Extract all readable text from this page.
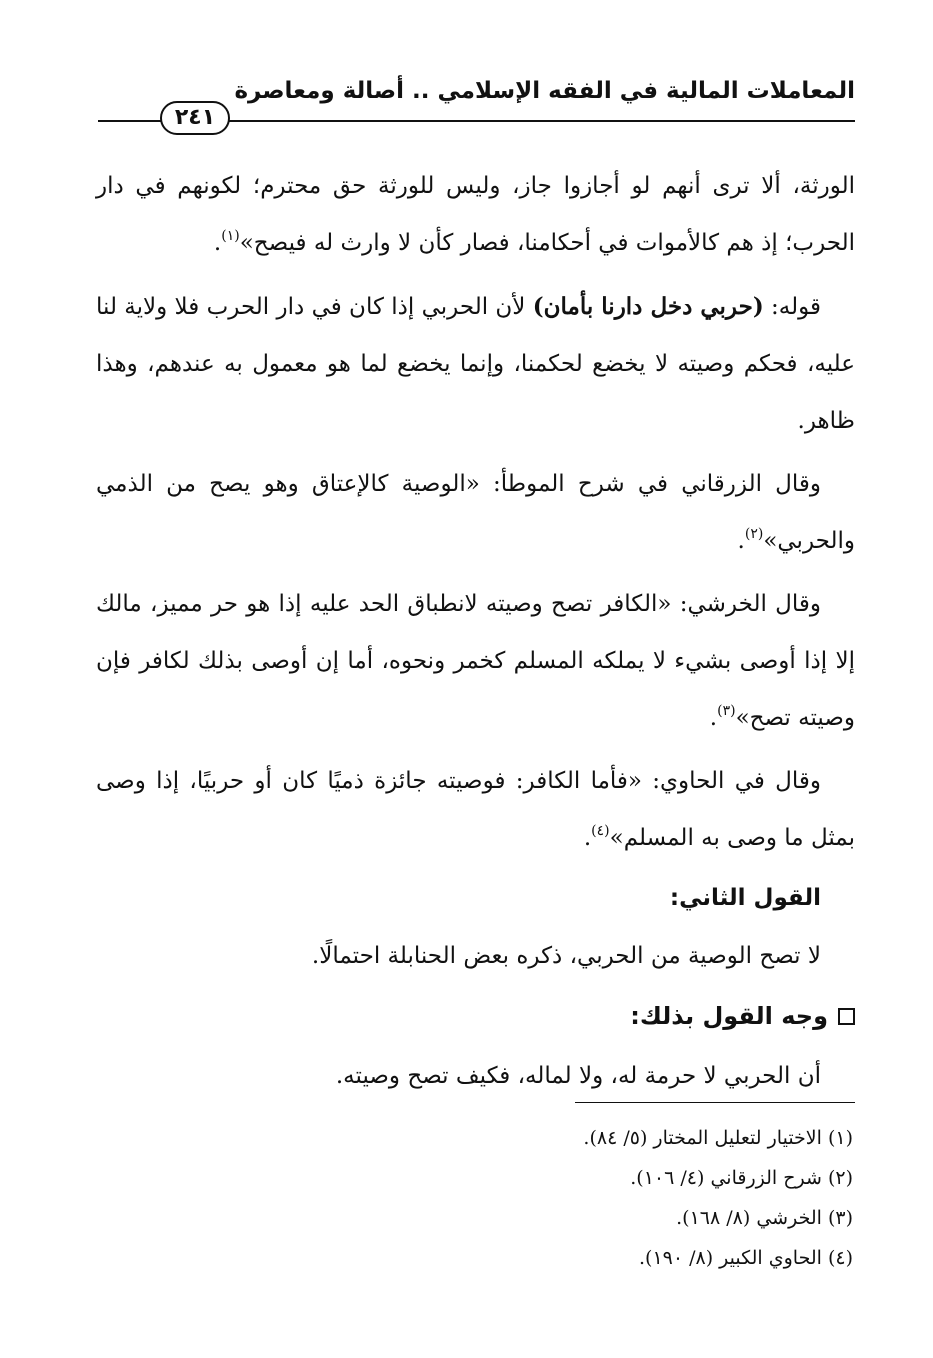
المعاملات المالية في الفقه الإسلامي .. أصالة ومعاصرة
٢٤١

الورثة، ألا ترى أنهم لو أجازوا جاز، وليس للورثة حق محترم؛ لكونهم في دار الحرب؛ إذ هم كالأموات في أحكامنا، فصار كأن لا وارث له فيصح»$^{(١)}$.

قوله: (حربي دخل دارنا بأمان) لأن الحربي إذا كان في دار الحرب فلا ولاية لنا عليه، فحكم وصيته لا يخضع لحكمنا، وإنما يخضع لما هو معمول به عندهم، وهذا ظاهر.

وقال الزرقاني في شرح الموطأ: «الوصية كالإعتاق وهو يصح من الذمي والحربي»$^{(٢)}$.

وقال الخرشي: «الكافر تصح وصيته لانطباق الحد عليه إذا هو حر مميز، مالك إلا إذا أوصى بشيء لا يملكه المسلم كخمر ونحوه، أما إن أوصى بذلك لكافر فإن وصيته تصح»$^{(٣)}$.

وقال في الحاوي: «فأما الكافر: فوصيته جائزة ذميًا كان أو حربيًا، إذا وصى بمثل ما وصى به المسلم»$^{(٤)}$.

القول الثاني:
لا تصح الوصية من الحربي، ذكره بعض الحنابلة احتمالًا.
وجه القول بذلك:
أن الحربي لا حرمة له، ولا لماله، فكيف تصح وصيته.

(١) الاختيار لتعليل المختار (٥/ ٨٤).

(٢) شرح الزرقاني (٤/ ١٠٦).

(٣) الخرشي (٨/ ١٦٨).

(٤) الحاوي الكبير (٨/ ١٩٠).
